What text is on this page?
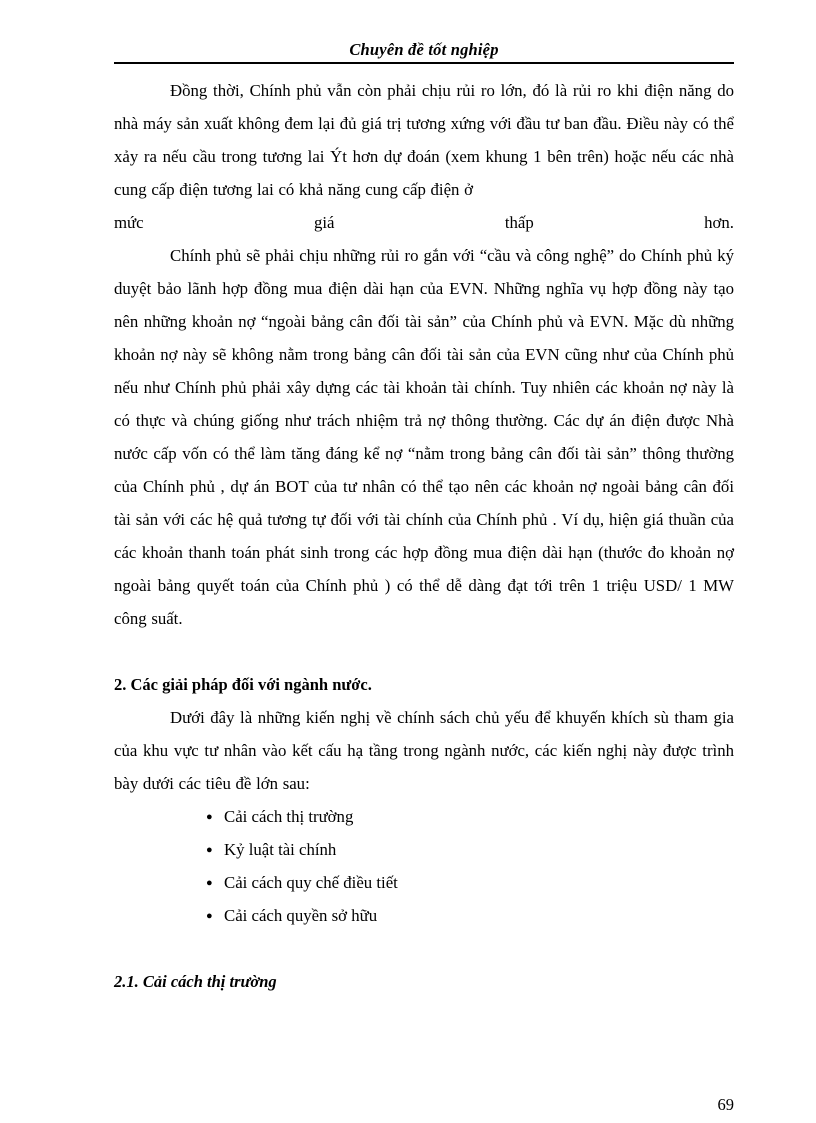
Chuyên đề tốt nghiệp

Đồng thời, Chính phủ vẫn còn phải chịu rủi ro lớn, đó là rủi ro khi điện năng do nhà máy sản xuất không đem lại đủ giá trị tương xứng với đầu tư ban đầu. Điều này có thể xảy ra nếu cầu trong tương lai Ýt hơn dự đoán (xem khung 1 bên trên) hoặc nếu các nhà cung cấp điện tương lai có khả năng cung cấp điện ở

mức	giá	thấp	hơn.

Chính phủ sẽ phải chịu những rủi ro gắn với “cầu và công nghệ” do Chính phủ ký duyệt bảo lãnh hợp đồng mua điện dài hạn của EVN. Những nghĩa vụ hợp đồng này tạo nên những khoản nợ “ngoài bảng cân đối tài sản” của Chính phủ và EVN. Mặc dù những khoản nợ này sẽ không nằm trong bảng cân đối tài sản của EVN cũng như của Chính phủ nếu như Chính phủ phải xây dựng các tài khoản tài chính. Tuy nhiên các khoản nợ này là có thực và chúng giống như trách nhiệm trả nợ thông thường. Các dự án điện được Nhà nước cấp vốn có thể làm tăng đáng kể nợ “nằm trong bảng cân đối tài sản” thông thường của Chính phủ , dự án BOT của tư nhân có thể tạo nên các khoản nợ ngoài bảng cân đối tài sản với các hệ quả tương tự đối với tài chính của Chính phủ . Ví dụ, hiện giá thuần của các khoản thanh toán phát sinh trong các hợp đồng mua điện dài hạn (thước đo khoản nợ ngoài bảng quyết toán của Chính phủ ) có thể dễ dàng đạt tới trên 1 triệu USD/ 1 MW công suất.

2. Các giải pháp đối với ngành nước.

Dưới đây là những kiến nghị về chính sách chủ yếu để khuyến khích sù tham gia của khu vực tư nhân vào kết cấu hạ tầng trong ngành nước, các kiến nghị này được trình bày dưới các tiêu đề lớn sau:

● Cải cách thị trường
● Kỷ luật tài chính
● Cải cách quy chế điều tiết
● Cải cách quyền sở hữu

2.1. Cải cách thị trường

69
